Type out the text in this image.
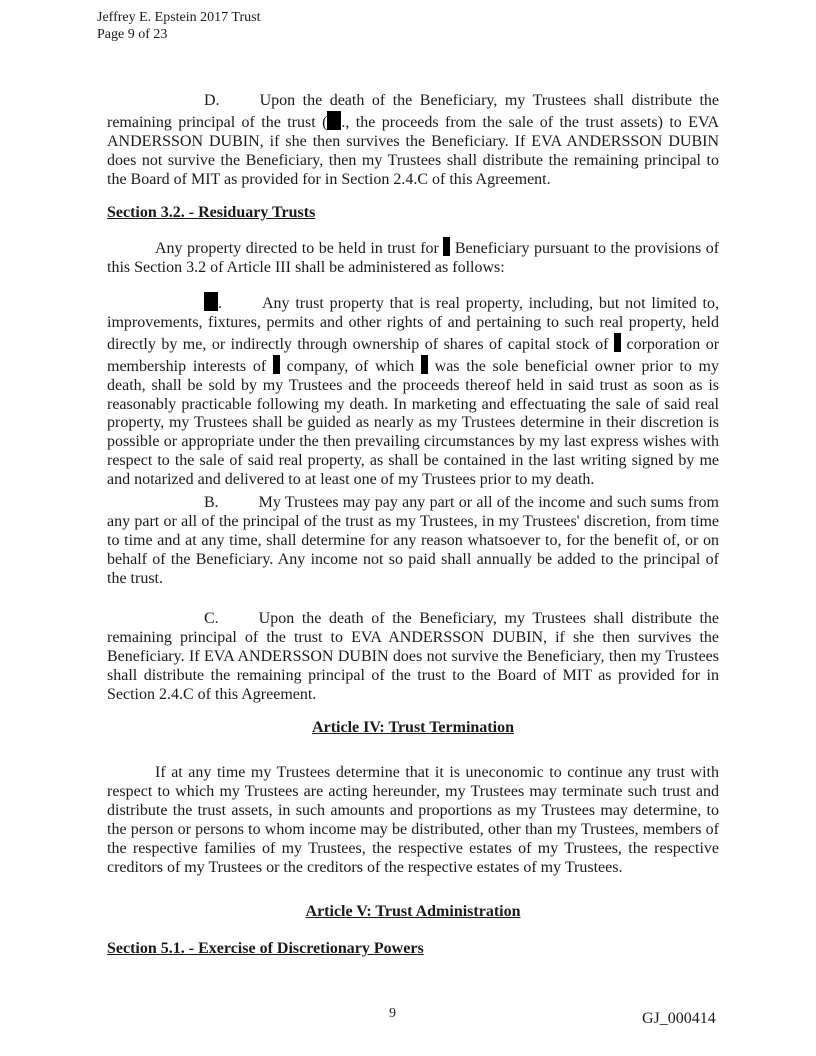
Jeffrey E. Epstein 2017 Trust
Page 9 of 23

D.	Upon the death of the Beneficiary, my Trustees shall distribute the remaining principal of the trust ( ., the proceeds from the sale of the trust assets) to EVA ANDERSSON DUBIN, if she then survives the Beneficiary. If EVA ANDERSSON DUBIN does not survive the Beneficiary, then my Trustees shall distribute the remaining principal to the Board of MIT as provided for in Section 2.4.C of this Agreement.

Section 3.2. - Residuary Trusts

Any property directed to be held in trust for Beneficiary pursuant to the provisions of this Section 3.2 of Article III shall be administered as follows:

.	Any trust property that is real property, including, but not limited to, improvements, fixtures, permits and other rights of and pertaining to such real property, held directly by me, or indirectly through ownership of shares of capital stock of corporation or membership interests of company, of which was the sole beneficial owner prior to my death, shall be sold by my Trustees and the proceeds thereof held in said trust as soon as is reasonably practicable following my death. In marketing and effectuating the sale of said real property, my Trustees shall be guided as nearly as my Trustees determine in their discretion is possible or appropriate under the then prevailing circumstances by my last express wishes with respect to the sale of said real property, as shall be contained in the last writing signed by me and notarized and delivered to at least one of my Trustees prior to my death.

B.	My Trustees may pay any part or all of the income and such sums from any part or all of the principal of the trust as my Trustees, in my Trustees' discretion, from time to time and at any time, shall determine for any reason whatsoever to, for the benefit of, or on behalf of the Beneficiary. Any income not so paid shall annually be added to the principal of the trust.

C.	Upon the death of the Beneficiary, my Trustees shall distribute the remaining principal of the trust to EVA ANDERSSON DUBIN, if she then survives the Beneficiary. If EVA ANDERSSON DUBIN does not survive the Beneficiary, then my Trustees shall distribute the remaining principal of the trust to the Board of MIT as provided for in Section 2.4.C of this Agreement.

Article IV: Trust Termination

If at any time my Trustees determine that it is uneconomic to continue any trust with respect to which my Trustees are acting hereunder, my Trustees may terminate such trust and distribute the trust assets, in such amounts and proportions as my Trustees may determine, to the person or persons to whom income may be distributed, other than my Trustees, members of the respective families of my Trustees, the respective estates of my Trustees, the respective creditors of my Trustees or the creditors of the respective estates of my Trustees.

Article V: Trust Administration
Section 5.1. - Exercise of Discretionary Powers
9	GJ_000414
